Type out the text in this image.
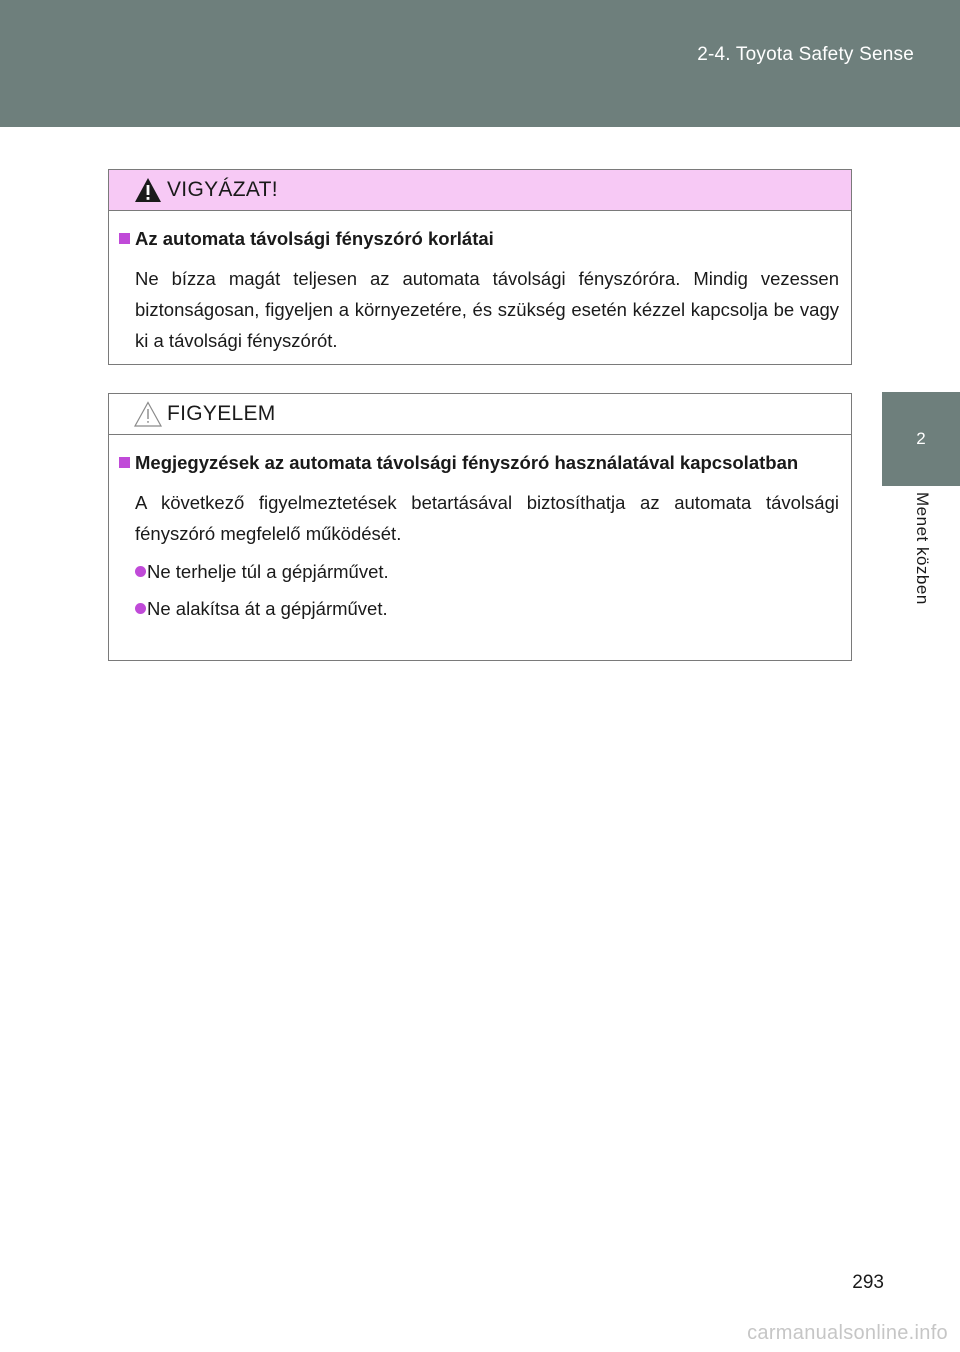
2-4. Toyota Safety Sense
2
Menet közben
VIGYÁZAT!
Az automata távolsági fényszóró korlátai
Ne bízza magát teljesen az automata távolsági fényszóróra. Mindig vezessen biztonságosan, figyeljen a környezetére, és szükség esetén kézzel kapcsolja be vagy ki a távolsági fényszórót.
FIGYELEM
Megjegyzések az automata távolsági fényszóró használatával kapcsolatban
A következő figyelmeztetések betartásával biztosíthatja az automata távolsági fényszóró megfelelő működését.
Ne terhelje túl a gépjárművet.
Ne alakítsa át a gépjárművet.
293
carmanualsonline.info
